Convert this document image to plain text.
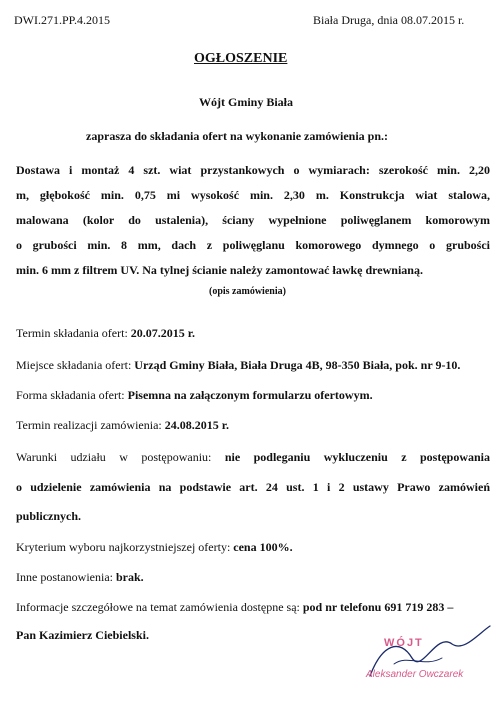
DWI.271.PP.4.2015	Biała Druga, dnia 08.07.2015 r.
OGŁOSZENIE
Wójt Gminy Biała
zaprasza do składania ofert na wykonanie zamówienia pn.:
Dostawa i montaż 4 szt. wiat przystankowych o wymiarach: szerokość min. 2,20
m, głębokość min. 0,75 mi wysokość min. 2,30 m. Konstrukcja wiat stalowa,
malowana (kolor do ustalenia), ściany wypełnione poliwęglanem komorowym
o grubości min. 8 mm, dach z poliwęglanu komorowego dymnego o grubości
min. 6 mm z filtrem UV. Na tylnej ścianie należy zamontować ławkę drewnianą.
(opis zamówienia)
Termin składania ofert: 20.07.2015 r.
Miejsce składania ofert: Urząd Gminy Biała, Biała Druga 4B, 98-350 Biała, pok. nr 9-10.
Forma składania ofert: Pisemna na załączonym formularzu ofertowym.
Termin realizacji zamówienia: 24.08.2015 r.
Warunki udziału w postępowaniu: nie podleganiu wykluczeniu z postępowania
o udzielenie zamówienia na podstawie art. 24 ust. 1 i 2 ustawy Prawo zamówień
publicznych.
Kryterium wyboru najkorzystniejszej oferty: cena 100%.
Inne postanowienia: brak.
Informacje szczegółowe na temat zamówienia dostępne są: pod nr telefonu 691 719 283 –
Pan Kazimierz Ciebielski.
WÓJT
Aleksander Owczarek
